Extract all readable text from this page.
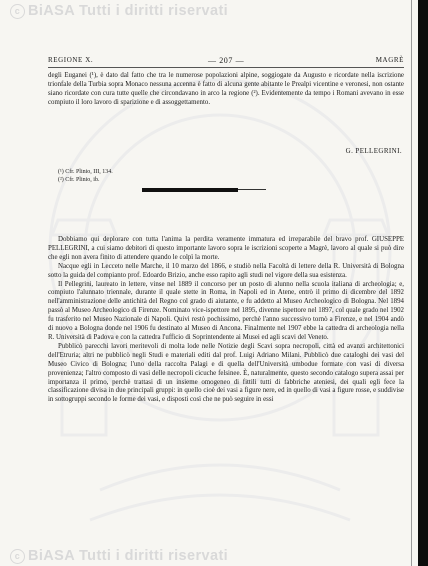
c BiASA Tutti i diritti riservati
REGIONE X.	— 207 —	MAGRÈ

degli Euganei (¹), è dato dal fatto che tra le numerose popolazioni alpine, soggiogate da Augusto e ricordate nella iscrizione trionfale della Turbia sopra Monaco nessuna accenna è fatto di alcuna gente abitante le Prealpi vicentine e veronesi, non ostante siano ricordate con cura tutte quelle che circondavano in arco la regione (²). Evidentemente da tempo i Romani avevano in esse compiuto il loro lavoro di sparizione e di assoggettamento.

G. PELLEGRINI.
(¹) Cfr. Plinio, III, 134.
(²) Cfr. Plinio, ib.

Dobbiamo qui deplorare con tutta l'anima la perdita veramente immatura ed irreparabile del bravo prof. GIUSEPPE PELLEGRINI, a cui siamo debitori di questo importante lavoro sopra le iscrizioni scoperte a Magrè, lavoro al quale si può dire che egli non avera finito di attendere quando le colpì la morte.

Nacque egli in Lecceto nelle Marche, il 10 marzo del 1866, e studiò nella Facoltà di lettere della R. Università di Bologna sotto la guida del compianto prof. Edoardo Brizio, anche esso rapito agli studi nel vigore della sua esistenza.

Il Pellegrini, laureato in lettere, vinse nel 1889 il concorso per un posto di alunno nella scuola italiana di archeologia; e, compiuto l'alunnato triennale, durante il quale stette in Roma, in Napoli ed in Atene, entrò il primo di dicembre del 1892 nell'amministrazione delle antichità del Regno col grado di aiutante, e fu addetto al Museo Archeologico di Bologna. Nel 1894 passò al Museo Archeologico di Firenze. Nominato vice-ispettore nel 1895, divenne ispettore nel 1897, col quale grado nel 1902 fu trasferito nel Museo Nazionale di Napoli. Quivi restò pochissimo, perchè l'anno successivo tornò a Firenze, e nel 1904 andò di nuovo a Bologna donde nel 1906 fu destinato al Museo di Ancona. Finalmente nel 1907 ebbe la cattedra di archeologia nella R. Università di Padova e con la cattedra l'ufficio di Soprintendente ai Musei ed agli scavi del Veneto.

Pubblicò parecchi lavori meritevoli di molta lode nelle Notizie degli Scavi sopra necropoli, città ed avanzi architettonici dell'Etruria; altri ne pubblicò negli Studi e materiali editi dal prof. Luigi Adriano Milani. Pubblicò due cataloghi dei vasi del Museo Civico di Bologna; l'uno della raccolta Palagi e di quella dell'Università umbodue formate con vasi di diversa provenienza; l'altro composto di vasi delle necropoli cicuche felsinee. È, naturalmente, questo secondo catalogo supera assai per importanza il primo, perchè trattasi di un insieme omogeneo di fittili tutti di fabbriche ateniesi, dei quali egli fece la classificazione divisa in due principali gruppi: in quello cioè dei vasi a figure nere, ed in quello di vasi a figure rosse, e suddivise in sottogruppi secondo le forme dei vasi, e disposti così che ne può seguire in essi

c BiASA Tutti i diritti riservati
